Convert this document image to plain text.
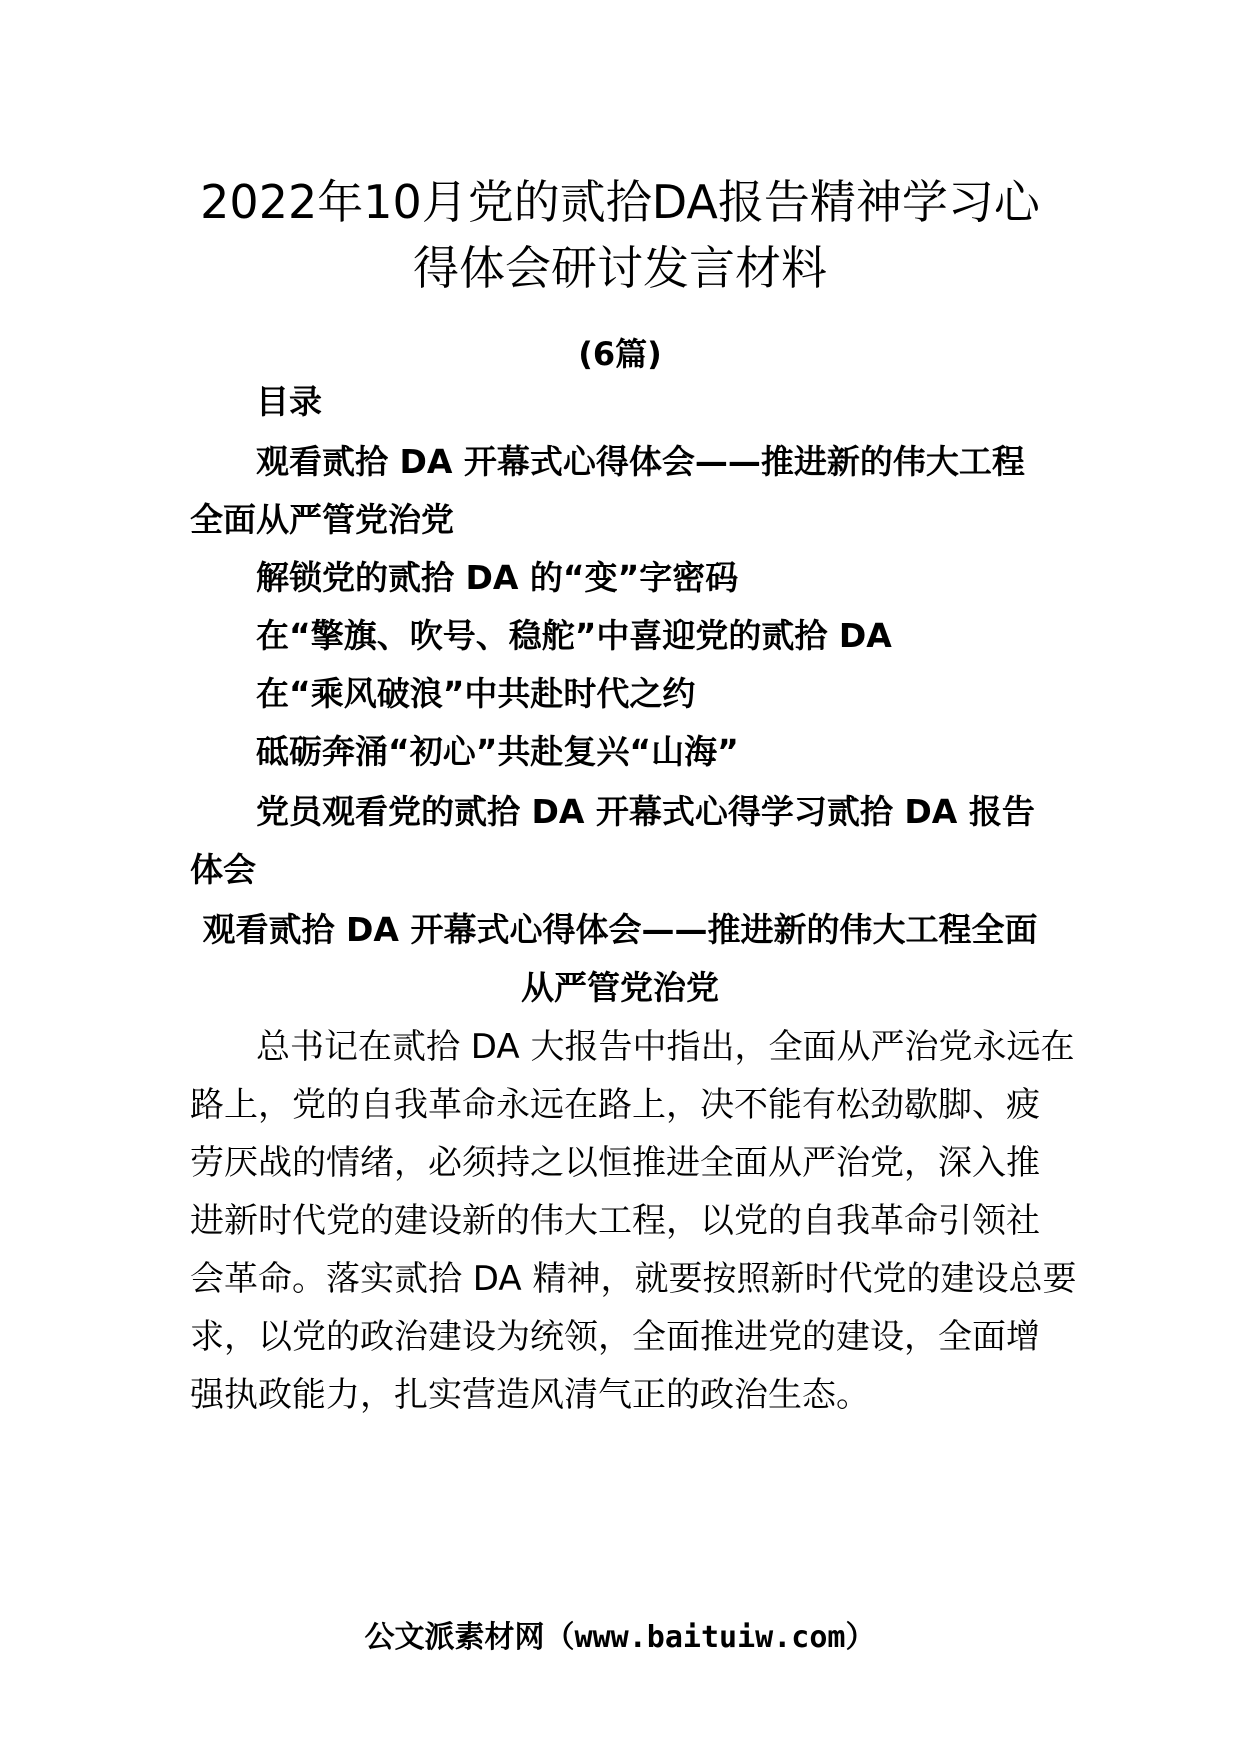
2022年10月党的贰拾DA报告精神学习心
得体会研讨发言材料

(6篇)

目录

观看贰拾 DA 开幕式心得体会——推进新的伟大工程

全面从严管党治党

解锁党的贰拾 DA 的“变”字密码

在“擎旗、吹号、稳舵”中喜迎党的贰拾 DA

在“乘风破浪”中共赴时代之约

砥砺奔涌“初心”共赴复兴“山海”

党员观看党的贰拾 DA 开幕式心得学习贰拾 DA 报告

体会

观看贰拾 DA 开幕式心得体会——推进新的伟大工程全面
从严管党治党

总书记在贰拾 DA 大报告中指出，全面从严治党永远在

路上，党的自我革命永远在路上，决不能有松劲歇脚、疲

劳厌战的情绪，必须持之以恒推进全面从严治党，深入推

进新时代党的建设新的伟大工程，以党的自我革命引领社

会革命。落实贰拾 DA 精神，就要按照新时代党的建设总要

求，以党的政治建设为统领，全面推进党的建设，全面增

强执政能力，扎实营造风清气正的政治生态。

公文派素材网（www.baituiw.com）
